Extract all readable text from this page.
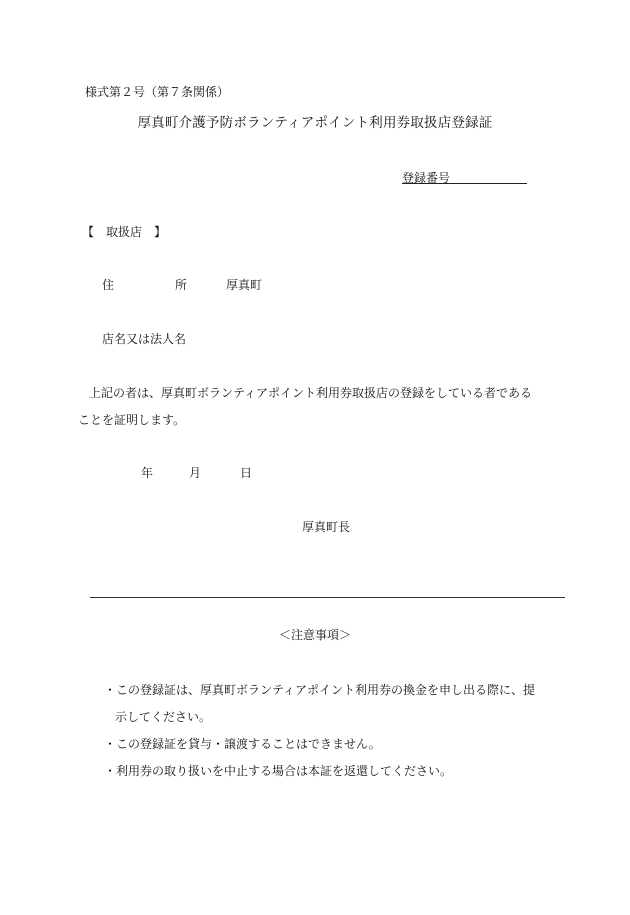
様式第２号（第７条関係）
厚真町介護予防ボランティアポイント利用券取扱店登録証
登録番号
【 取扱店 】
住	所	厚真町
店名又は法人名
上記の者は、厚真町ボランティアポイント利用券取扱店の登録をしている者である
ことを証明します。
年	月	日
厚真町長
＜注意事項＞
・この登録証は、厚真町ボランティアポイント利用券の換金を申し出る際に、提
示してください。
・この登録証を貸与・譲渡することはできません。
・利用券の取り扱いを中止する場合は本証を返還してください。
